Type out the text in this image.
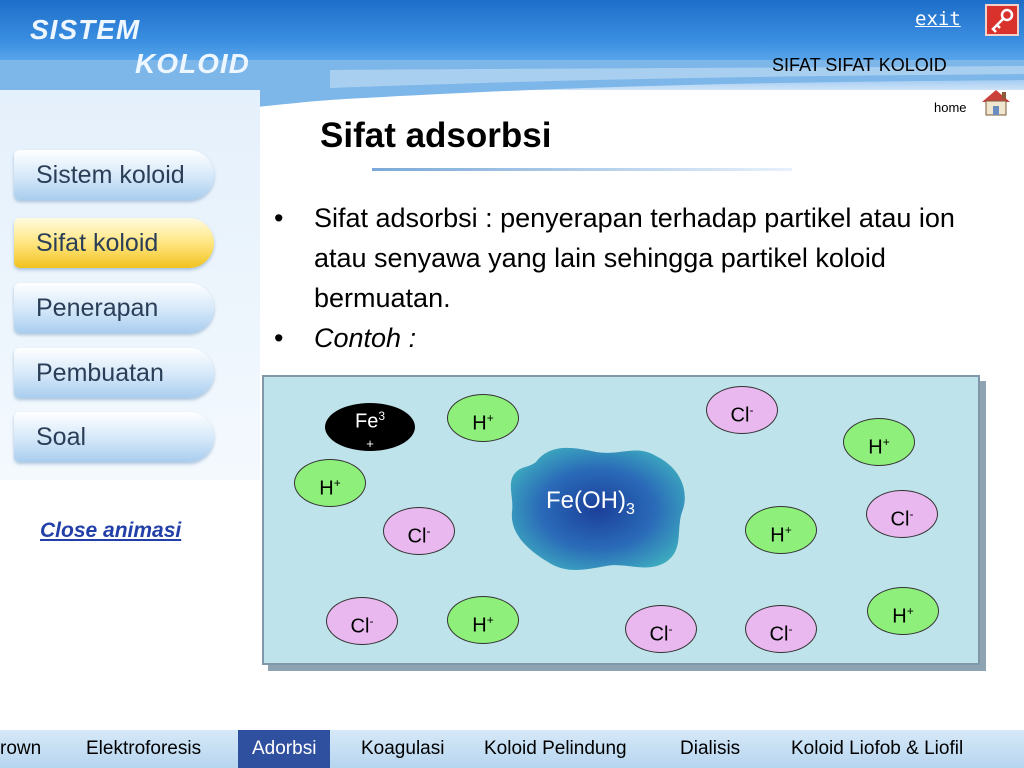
SISTEM
KOLOID
exit
SIFAT SIFAT KOLOID
home
Sistem koloid
Sifat koloid
Penerapan
Pembuatan
Soal
Close animasi
Sifat adsorbsi
• Sifat adsorbsi : penyerapan terhadap partikel atau ion atau senyawa yang lain sehingga partikel koloid bermuatan.
• Contoh :
$Fe^3$
+
$Fe(OH)_3$
H+
H+
H+
H+
H+	H+
Cl-
Cl-
Cl-
Cl-
Cl-	Cl-
rown Elektroforesis	Adorbsi	Koagulasi Koloid Pelindung	Dialisis	Koloid Liofob & Liofil
